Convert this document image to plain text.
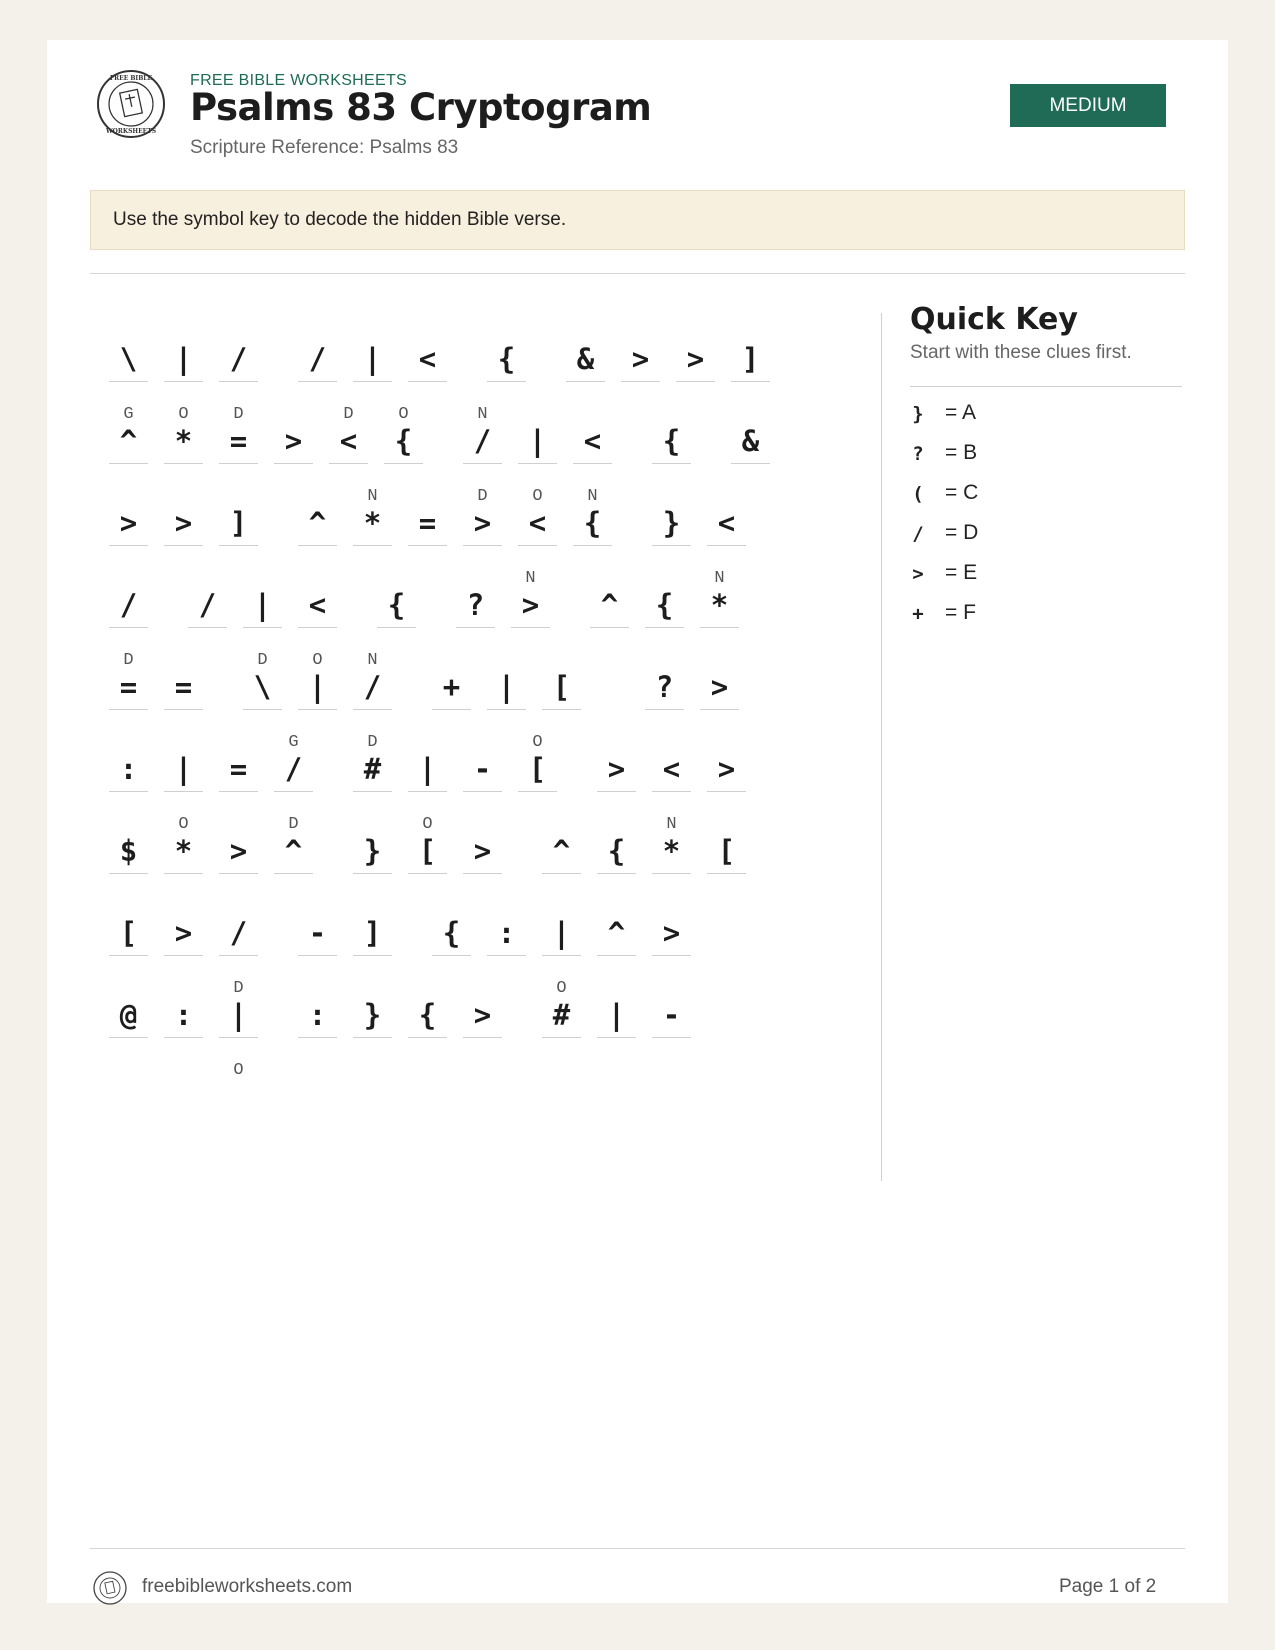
FREE BIBLE
WORKSHEETS
FREE BIBLE WORKSHEETS
Psalms 83 Cryptogram
Scripture Reference: Psalms 83
MEDIUM
Use the symbol key to decode the hidden Bible verse.
\	|	/	/	|	<	{	&	>	>	]
G
^
O
*
D
=	>
D
<
O
{
N
/	|	<	{	&
>	>	]	^
N
*	=
D
>
O
<
N
{	}	<
/	/	|	<	{	?
N
>	^	{
N
*
D
=	=
D
\
O
|
N
/	+	|	[	?	>
:	|	=
G
/
D
#	|	-
O
[	>	<	>
$
O
*	>
D
^	}
O
[	>	^	{
N
*	[
[	>	/	-	]	{	:	|	^	>
@	:
D
|	:	}	{	>
O
#	|	-
O
Quick Key
Start with these clues first.
} = A
? = B
( = C
/ = D
> = E
+ = F
freebibleworksheets.com	Page 1 of 2
